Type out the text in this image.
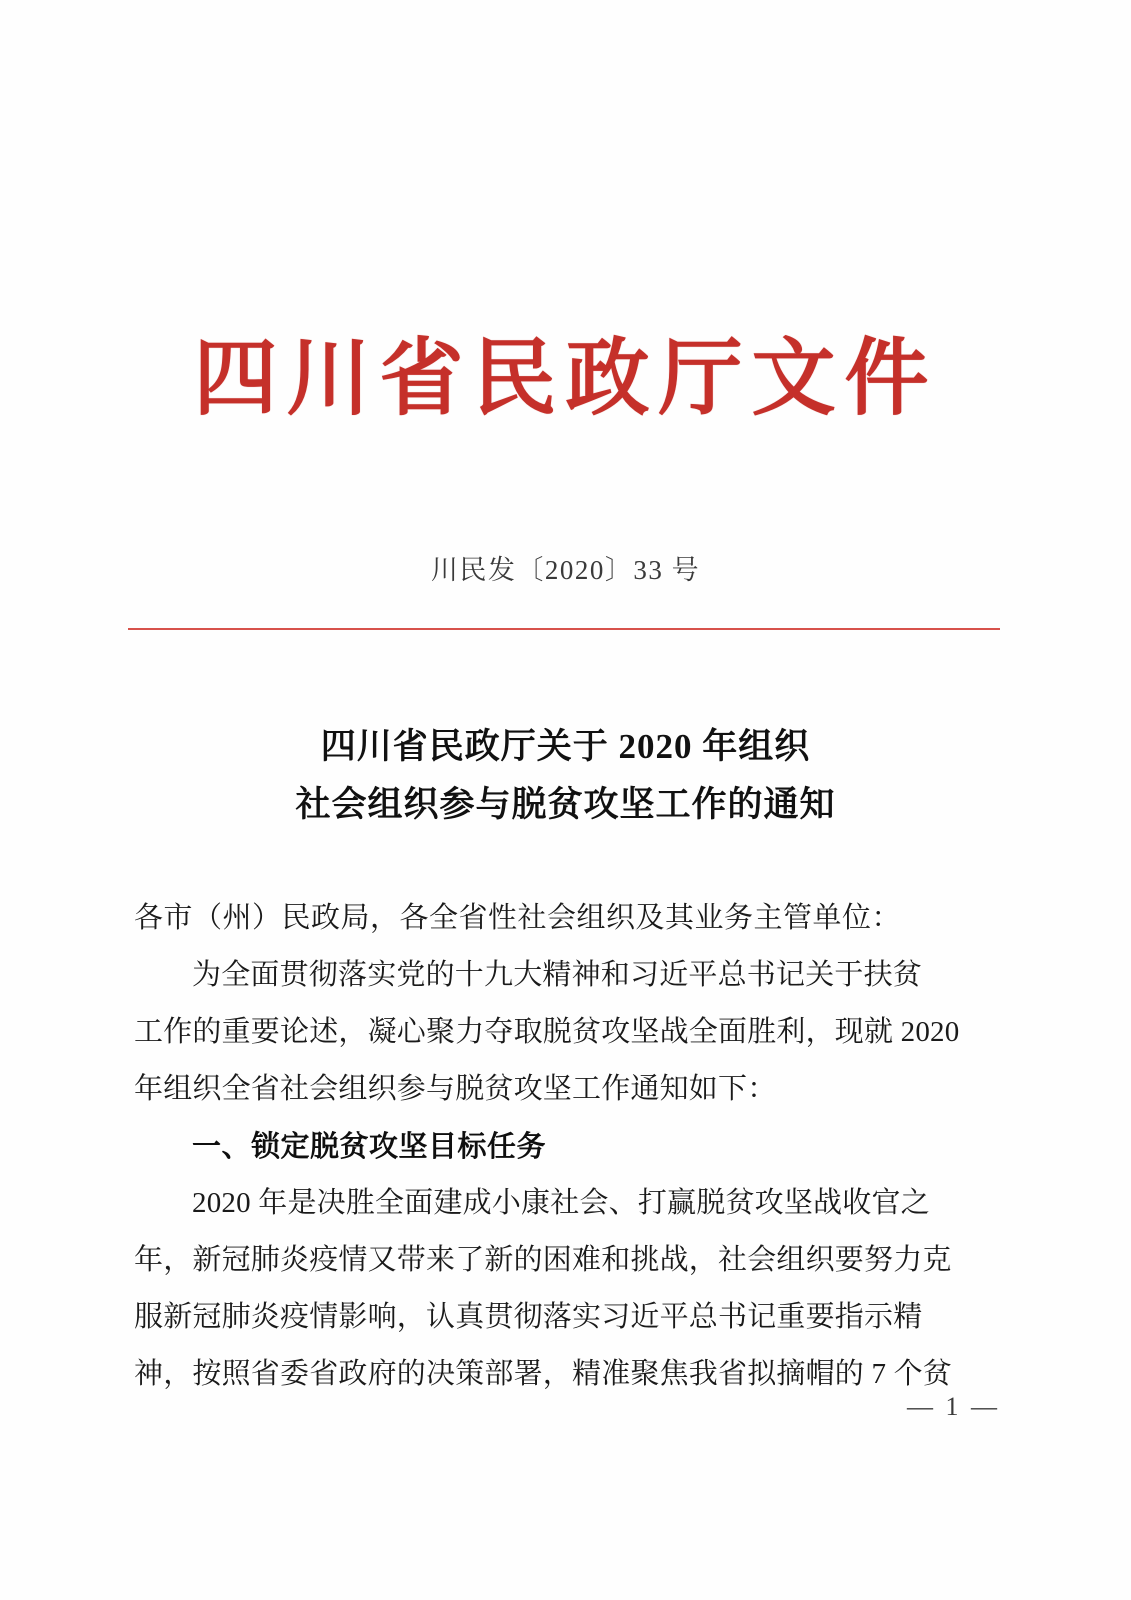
四川省民政厅文件
川民发〔2020〕33 号
四川省民政厅关于 2020 年组织
社会组织参与脱贫攻坚工作的通知
各市（州）民政局，各全省性社会组织及其业务主管单位：
为全面贯彻落实党的十九大精神和习近平总书记关于扶贫
工作的重要论述，凝心聚力夺取脱贫攻坚战全面胜利，现就 2020
年组织全省社会组织参与脱贫攻坚工作通知如下：
一、锁定脱贫攻坚目标任务
2020 年是决胜全面建成小康社会、打赢脱贫攻坚战收官之
年，新冠肺炎疫情又带来了新的困难和挑战，社会组织要努力克
服新冠肺炎疫情影响，认真贯彻落实习近平总书记重要指示精
神，按照省委省政府的决策部署，精准聚焦我省拟摘帽的 7 个贫
— 1 —
